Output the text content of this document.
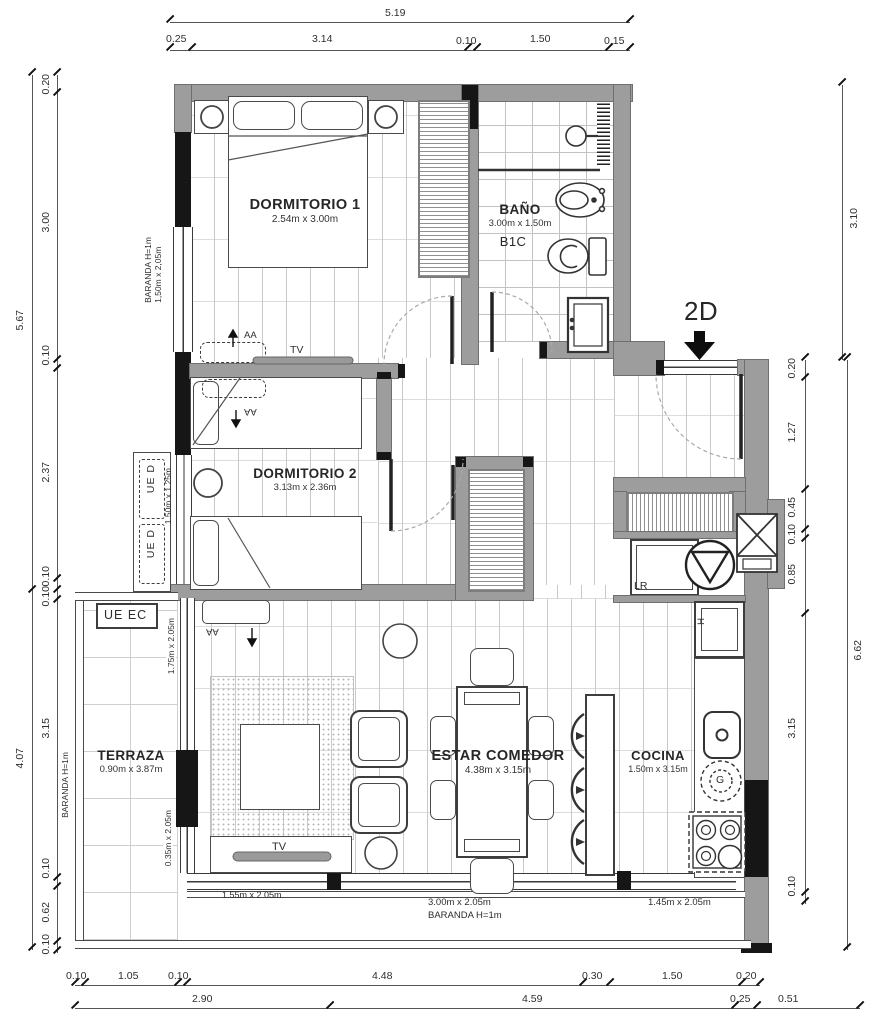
DORMITORIO 1
2.54m x 3.00m
BAÑO
3.00m x 1.50m
B1C
DORMITORIO 2
3.13m x 2.36m
TERRAZA
0.90m x 3.87m
ESTAR COMEDOR
4.38m x 3.15m
COCINA
1.50m x 3.15m
AA
AA
AA
TV
TV
LR
H
G
UE D
UE D
UE EC
2D
BARANDA H=1m
1,50m x 2,05m
1.50m x 1.25m
1.75m x 2.05m
0.35m x 2.05m
BARANDA H=1m
1.55m x 2.05m
3.00m x 2.05m
BARANDA H=1m
1.45m x 2.05m
5.19
0.25	3.14	0.10	1.50	0.15
5.67
0.20
3.00
0.10
2.37
0.10
4.07
0.10
3.15
0.10
0.62
0.10
3.10
6.62
0.20
1.27
0.45
0.10
0.85
3.15
0.10
0.10	1.05	0.10	4.48	0.30	1.50	0.20
2.90	4.59	0.25	0.51
